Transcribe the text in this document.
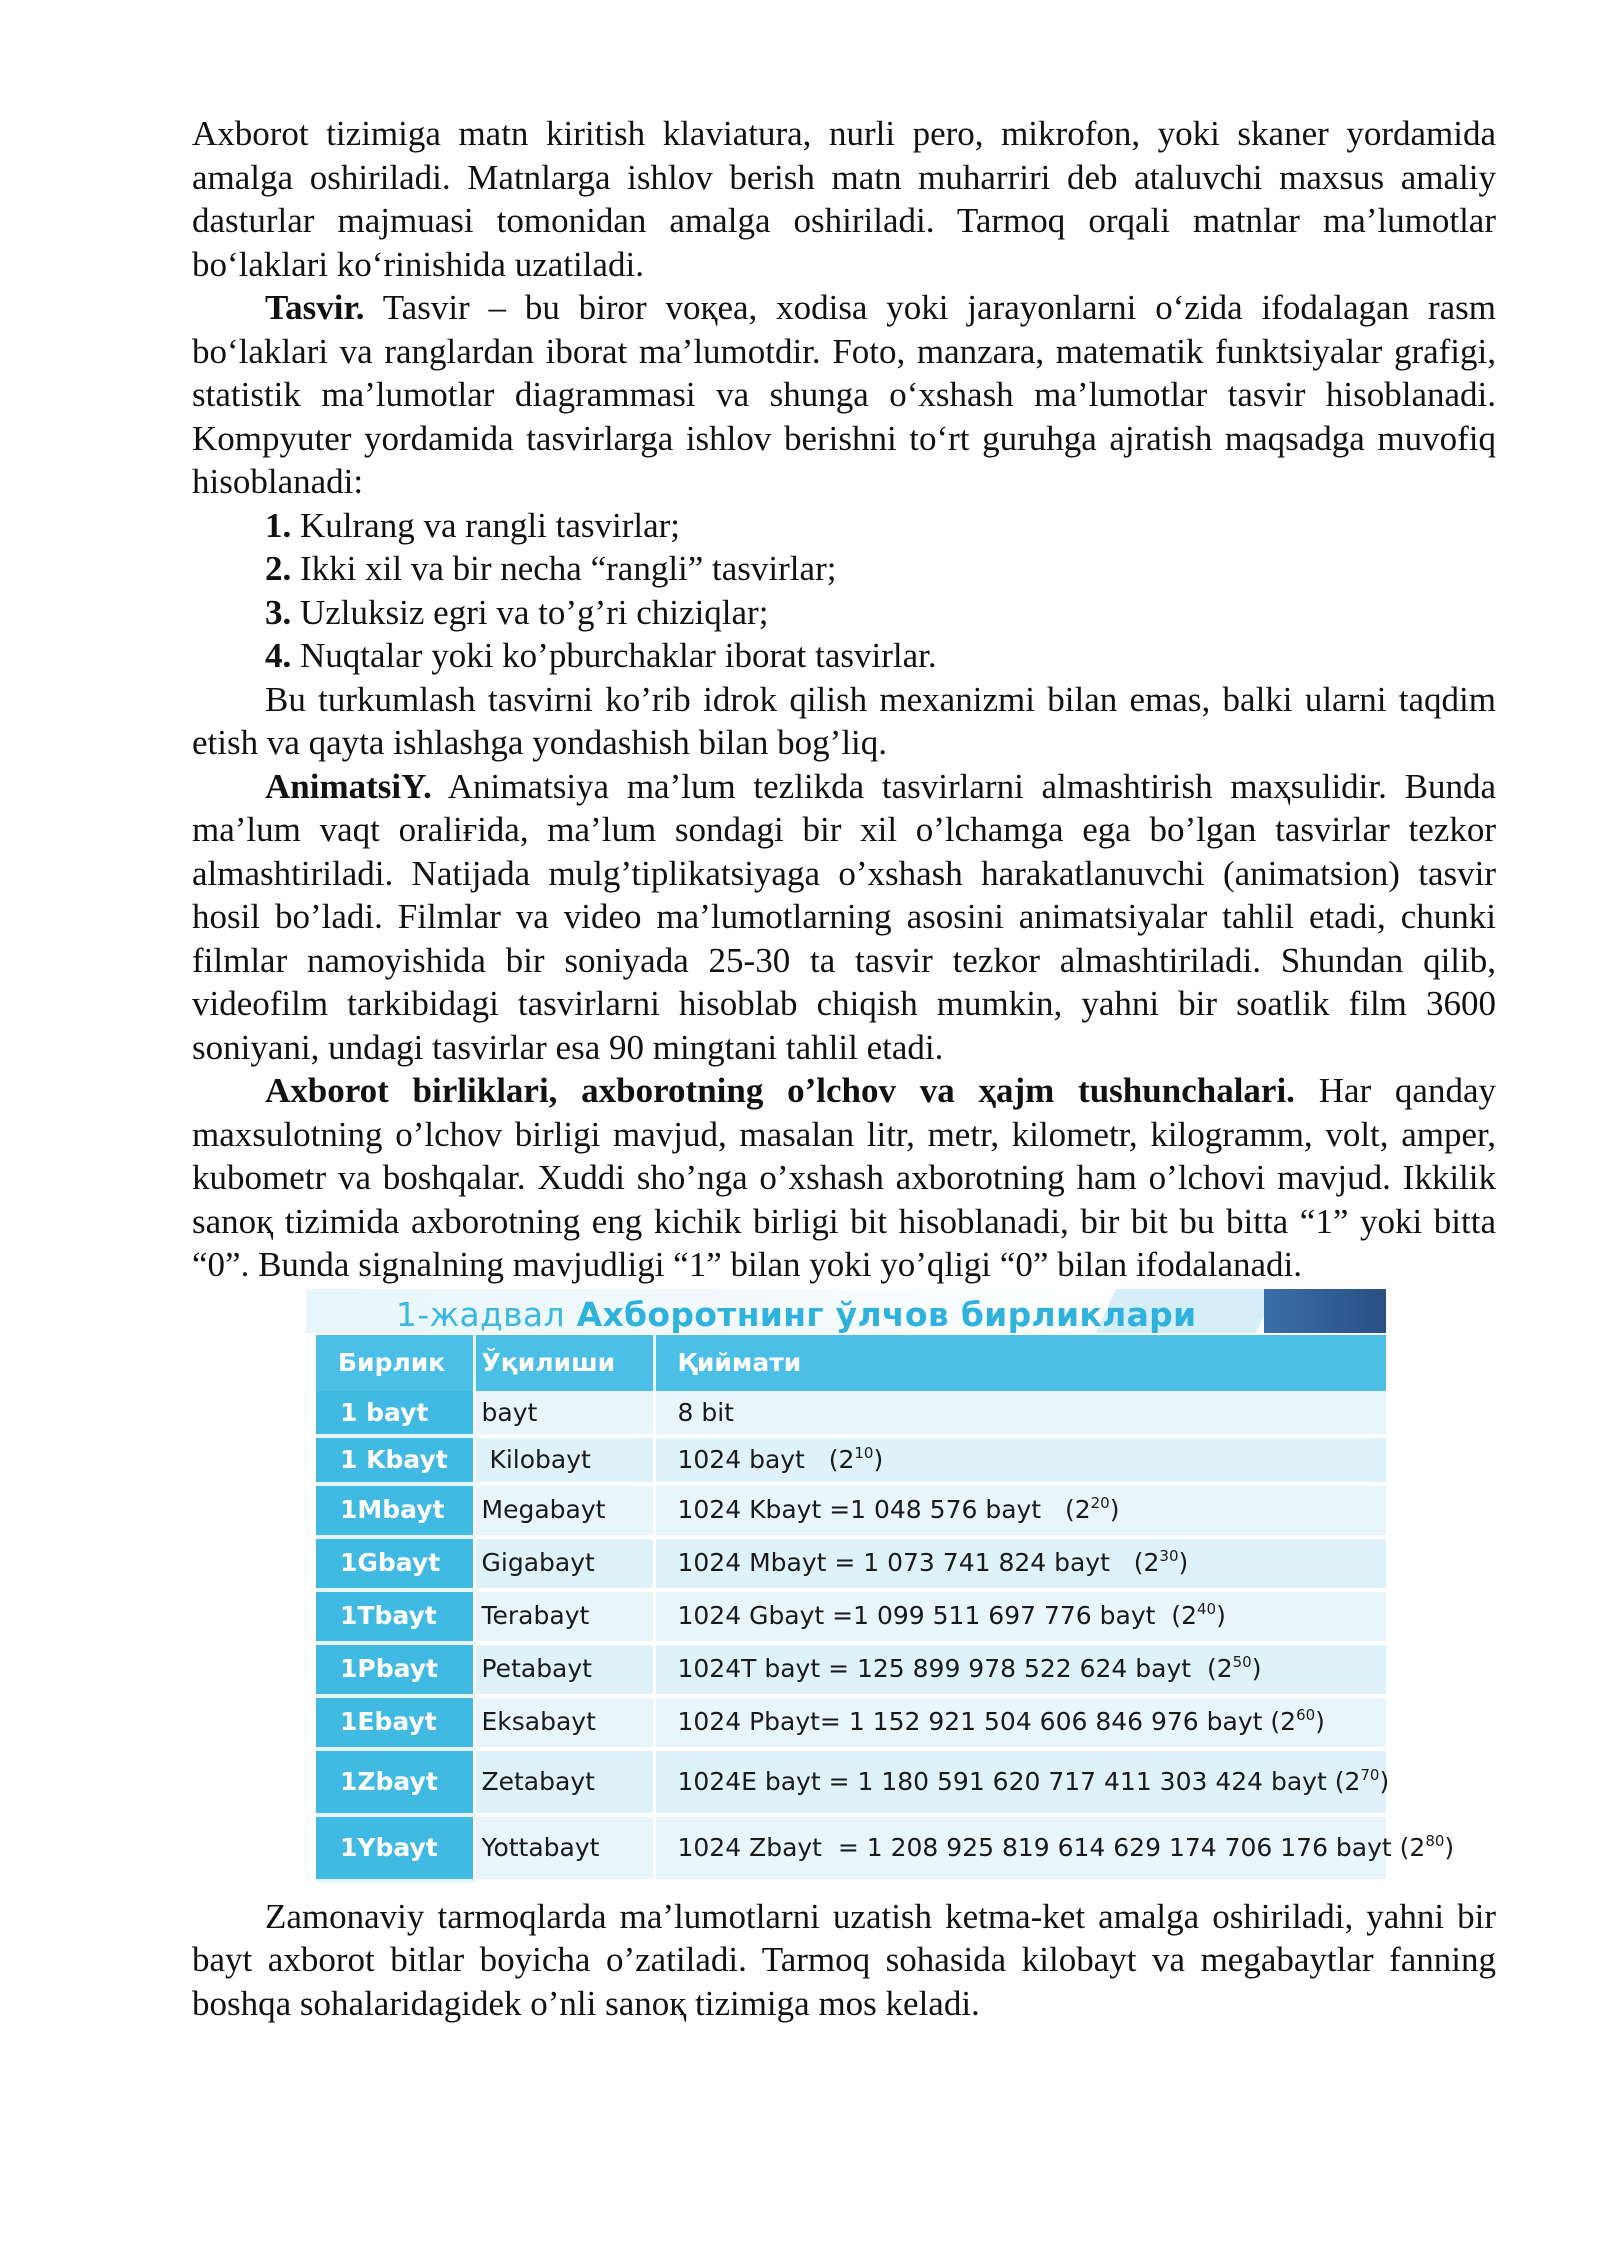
Axborot tizimiga matn kiritish klaviatura, nurli pero, mikrofon, yoki skaner yordamida amalga oshiriladi. Matnlarga ishlov berish matn muharriri deb ataluvchi maxsus amaliy dasturlar majmuasi tomonidan amalga oshiriladi. Tarmoq orqali matnlar ma’lumotlar bo‘laklari ko‘rinishida uzatiladi.

Tasvir. Tasvir – bu biror voқea, xodisa yoki jarayonlarni o‘zida ifodalagan rasm bo‘laklari va ranglardan iborat ma’lumotdir. Foto, manzara, matematik funktsiyalar grafigi, statistik ma’lumotlar diagrammasi va shunga o‘xshash ma’lumotlar tasvir hisoblanadi. Kompyuter yordamida tasvirlarga ishlov berishni to‘rt guruhga ajratish maqsadga muvofiq hisoblanadi:

1. Kulrang va rangli tasvirlar;

2. Ikki xil va bir necha “rangli” tasvirlar;

3. Uzluksiz egri va to’g’ri chiziqlar;

4. Nuqtalar yoki ko’pburchaklar iborat tasvirlar.

Bu turkumlash tasvirni ko’rib idrok qilish mexanizmi bilan emas, balki ularni taqdim etish va qayta ishlashga yondashish bilan bog’liq.

AnimatsiY. Animatsiya ma’lum tezlikda tasvirlarni almashtirish maҳsulidir. Bunda ma’lum vaqt oraliғida, ma’lum sondagi bir xil o’lchamga ega bo’lgan tasvirlar tezkor almashtiriladi. Natijada mulg’tiplikatsiyaga o’xshash harakatlanuvchi (animatsion) tasvir hosil bo’ladi. Filmlar va video ma’lumotlarning asosini animatsiyalar tahlil etadi, chunki filmlar namoyishida bir soniyada 25-30 ta tasvir tezkor almashtiriladi. Shundan qilib, videofilm tarkibidagi tasvirlarni hisoblab chiqish mumkin, yahni bir soatlik film 3600 soniyani, undagi tasvirlar esa 90 mingtani tahlil etadi.

Axborot birliklari, axborotning o’lchov va ҳajm tushunchalari. Har qanday maxsulotning o’lchov birligi mavjud, masalan litr, metr, kilometr, kilogramm, volt, amper, kubometr va boshqalar. Xuddi sho’nga o’xshash axborotning ham o’lchovi mavjud. Ikkilik sanoқ tizimida axborotning eng kichik birligi bit hisoblanadi, bir bit bu bitta “1” yoki bitta “0”. Bunda signalning mavjudligi “1” bilan yoki yo’qligi “0” bilan ifodalanadi.

1-жадвал Ахборотнинг ўлчов бирликлари
Бирлик	Ўқилиши	Қиймати
1 bayt	bayt	8 bit
1 Kbayt	Kilobayt	1024 bayt   $(2^{10})$
1Mbayt	Megabayt	1024 Kbayt =1 048 576 bayt   $(2^{20})$
1Gbayt	Gigabayt	1024 Mbayt = 1 073 741 824 bayt   $(2^{30})$
1Tbayt	Terabayt	1024 Gbayt =1 099 511 697 776 bayt  $(2^{40})$
1Pbayt	Petabayt	1024T bayt = 125 899 978 522 624 bayt  $(2^{50})$
1Ebayt	Eksabayt	1024 Pbayt= 1 152 921 504 606 846 976 bayt $(2^{60})$
1Zbayt	Zetabayt	1024E bayt = 1 180 591 620 717 411 303 424 bayt $(2^{70})$
1Ybayt	Yottabayt	1024 Zbayt  = 1 208 925 819 614 629 174 706 176 bayt $(2^{80})$

Zamonaviy tarmoqlarda ma’lumotlarni uzatish ketma-ket amalga oshiriladi, yahni bir bayt axborot bitlar boyicha o’zatiladi. Tarmoq sohasida kilobayt va megabaytlar fanning boshqa sohalaridagidek o’nli sanoқ tizimiga mos keladi.
